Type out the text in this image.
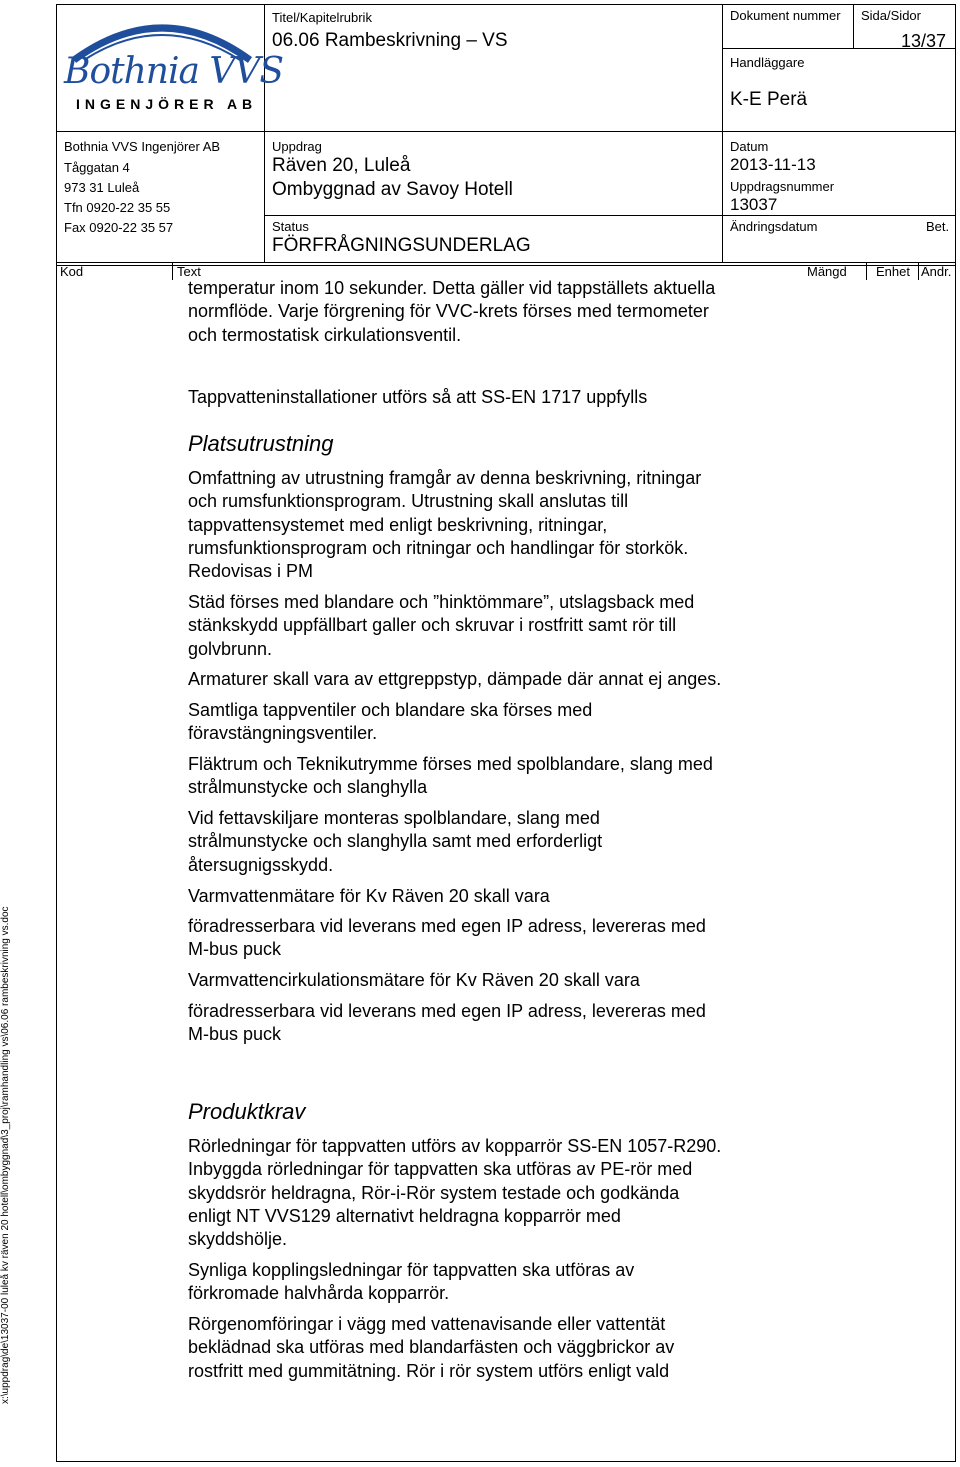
Bothnia VVS
INGENJÖRER AB
Bothnia VVS Ingenjörer AB
Tåggatan 4
973 31 Luleå
Tfn 0920-22 35 55
Fax 0920-22 35 57
Titel/Kapitelrubrik
06.06 Rambeskrivning – VS
Dokument nummer Sida/Sidor
13/37
Handläggare
K-E Perä
Uppdrag
Räven 20, Luleå
Ombyggnad av Savoy Hotell
Datum
2013-11-13
Uppdragsnummer
13037
Status
FÖRFRÅGNINGSUNDERLAG
Ändringsdatum	Bet.
Kod	Text	Mängd Enhet Ändr.
temperatur inom 10 sekunder. Detta gäller vid tappställets aktuella
normflöde. Varje förgrening för VVC-krets förses med termometer
och termostatisk cirkulationsventil.
Tappvatteninstallationer utförs så att SS-EN 1717 uppfylls
Platsutrustning
Omfattning av utrustning framgår av denna beskrivning, ritningar
och rumsfunktionsprogram. Utrustning skall anslutas till
tappvattensystemet med enligt beskrivning, ritningar,
rumsfunktionsprogram och ritningar och handlingar för storkök.
Redovisas i PM
Städ förses med blandare och ”hinktömmare”, utslagsback med
stänkskydd uppfällbart galler och skruvar i rostfritt samt rör till
golvbrunn.
Armaturer skall vara av ettgreppstyp, dämpade där annat ej anges.
Samtliga tappventiler och blandare ska förses med
föravstängningsventiler.
Fläktrum och Teknikutrymme förses med spolblandare, slang med
strålmunstycke och slanghylla
Vid fettavskiljare monteras spolblandare, slang med
strålmunstycke och slanghylla samt med erforderligt
återsugnigsskydd.
Varmvattenmätare för Kv Räven 20 skall vara
föradresserbara vid leverans med egen IP adress, levereras med
M-bus puck
Varmvattencirkulationsmätare för Kv Räven 20 skall vara
föradresserbara vid leverans med egen IP adress, levereras med
M-bus puck
Produktkrav
Rörledningar för tappvatten utförs av kopparrör SS-EN 1057-R290.
Inbyggda rörledningar för tappvatten ska utföras av PE-rör med
skyddsrör heldragna, Rör-i-Rör system testade och godkända
enligt NT VVS129 alternativt heldragna kopparrör med
skyddshölje.
Synliga kopplingsledningar för tappvatten ska utföras av
förkromade halvhårda kopparrör.
Rörgenomföringar i vägg med vattenavisande eller vattentät
beklädnad ska utföras med blandarfästen och väggbrickor av
rostfritt med gummitätning. Rör i rör system utförs enligt vald
x:\uppdrag\de\13037-00 luleå kv räven 20 hotell\ombyggnad\3_proj\ramhandling vs\06.06 rambeskrivning vs.doc
